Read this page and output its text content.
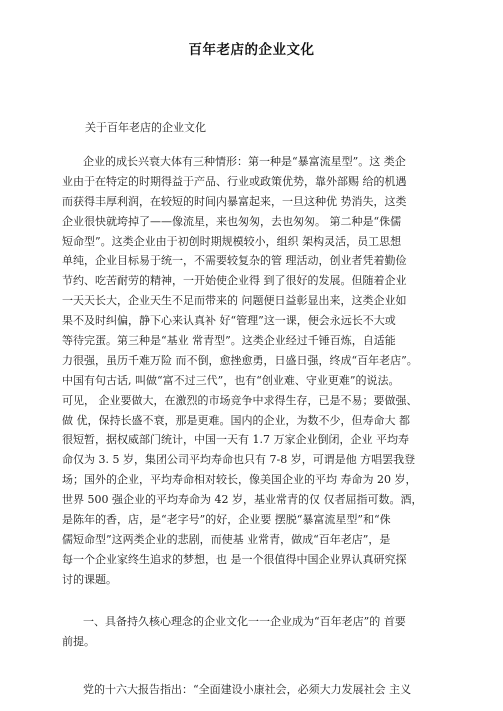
百年老店的企业文化
关于百年老店的企业文化
企业的成长兴衰大体有三种情形：第一种是“暴富流星型”。这 类企
业由于在特定的时期得益于产品、行业或政策优势，靠外部赐 给的机遇
而获得丰厚利润，在较短的时间内暴富起来，一旦这种优 势消失，这类
企业很快就垮掉了——像流星，来也匆匆，去也匆匆。 第二种是“侏儒
短命型”。这类企业由于初创时期规模较小，组织 架构灵活，员工思想
单纯，企业目标易于统一，不需要较复杂的管 理活动，创业者凭着勤俭
节约、吃苦耐劳的精神，一开始使企业得 到了很好的发展。但随着企业
一天天长大，企业天生不足而带来的 问题便日益彰显出来，这类企业如
果不及时纠偏，静下心来认真补 好“管理”这一课，便会永远长不大或
等待完蛋。第三种是“基业 常青型”。这类企业经过千锤百炼，自适能
力很强，虽历千难万险 而不倒，愈挫愈勇，日盛日强，终成“百年老店”。
中国有句古话, 叫做“富不过三代”，也有“创业难、守业更难”的说法。
可见， 企业要做大，在激烈的市场竞争中求得生存，已是不易；要做强、
做 优，保持长盛不衰，那是更难。国内的企业，为数不少，但寿命大 都
很短暂，据权威部门统计，中国一天有 1.7 万家企业倒闭，企业 平均寿
命仅为 3. 5 岁，集团公司平均寿命也只有 7-8 岁，可谓是他 方唱罢我登
场；国外的企业，平均寿命相对较长，像美国企业的平均 寿命为 20 岁，
世界 500 强企业的平均寿命为 42 岁，基业常青的仅 仅者屈指可数。酒，
是陈年的香，店，是“老字号”的好，企业要 摆脱“暴富流星型”和“侏
儒短命型”这两类企业的悲剧，而使基 业常青，做成“百年老店”，是
每一个企业家终生追求的梦想，也 是一个很值得中国企业界认真研究探
讨的课题。
一、具备持久核心理念的企业文化一一企业成为“百年老店”的 首要
前提。
党的十六大报告指出：“全面建设小康社会，必须大力发展社会 主义
